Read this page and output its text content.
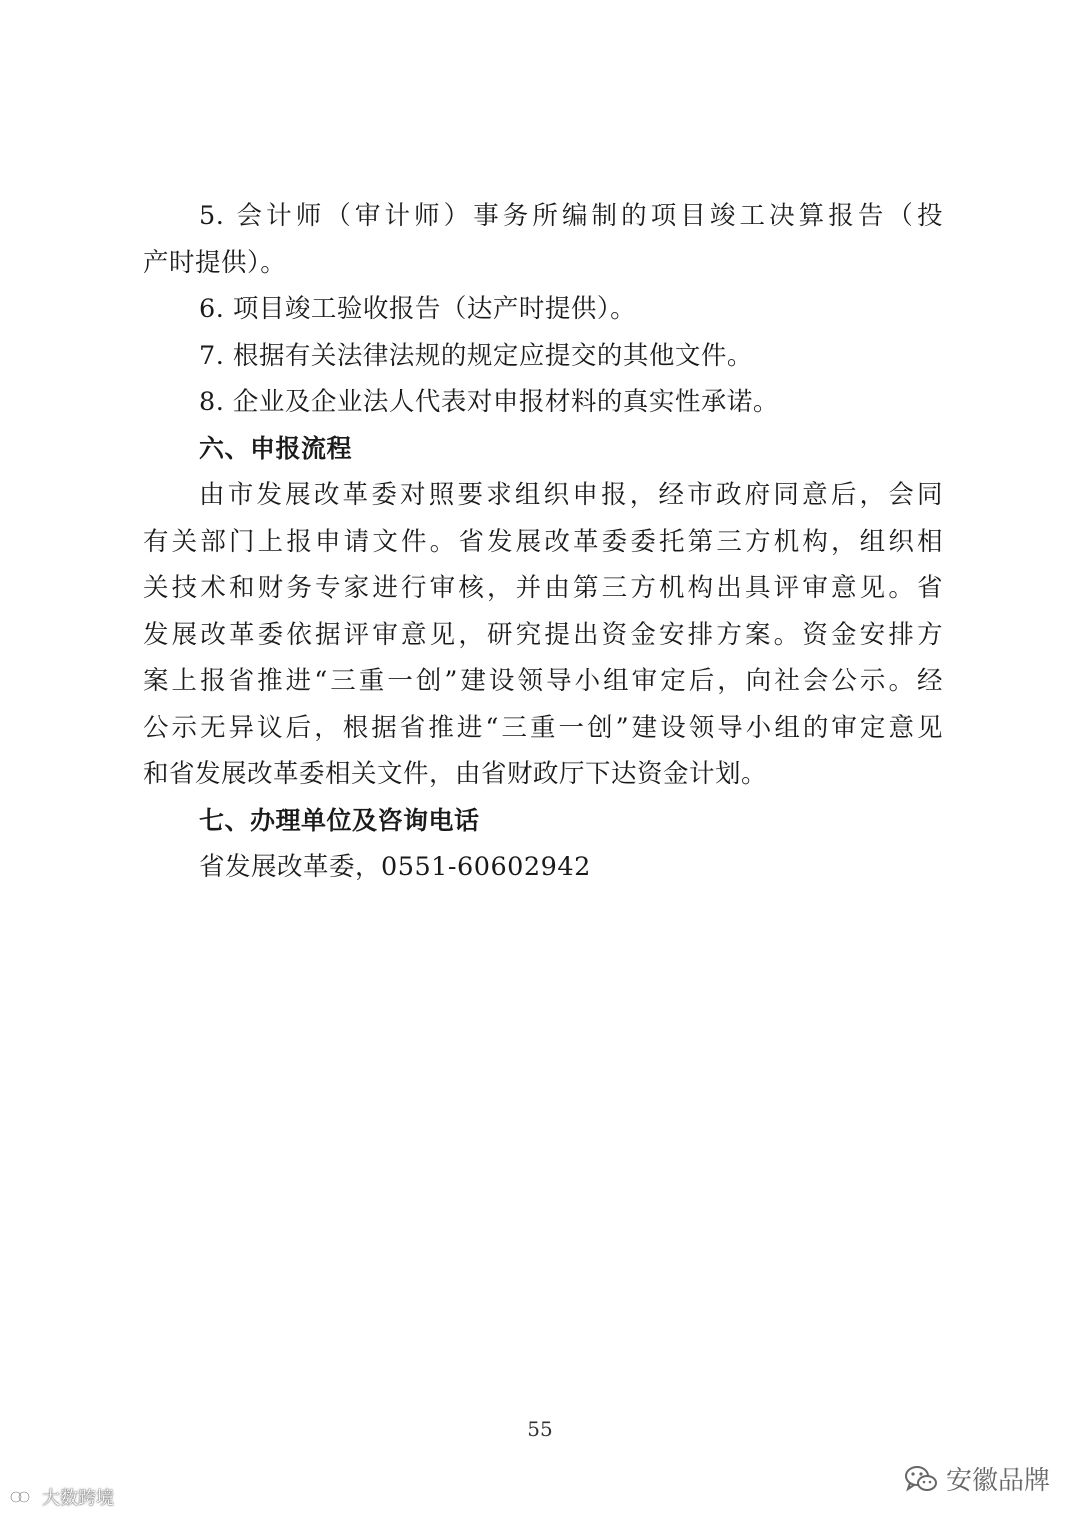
5. 会计师（审计师）事务所编制的项目竣工决算报告（投
产时提供）。
6. 项目竣工验收报告（达产时提供）。
7. 根据有关法律法规的规定应提交的其他文件。
8. 企业及企业法人代表对申报材料的真实性承诺。
六、申报流程
由市发展改革委对照要求组织申报，经市政府同意后，会同
有关部门上报申请文件。省发展改革委委托第三方机构，组织相
关技术和财务专家进行审核，并由第三方机构出具评审意见。省
发展改革委依据评审意见，研究提出资金安排方案。资金安排方
案上报省推进“三重一创”建设领导小组审定后，向社会公示。经
公示无异议后，根据省推进“三重一创”建设领导小组的审定意见
和省发展改革委相关文件，由省财政厅下达资金计划。
七、办理单位及咨询电话
省发展改革委，0551-60602942
55
大数跨境
安徽品牌
